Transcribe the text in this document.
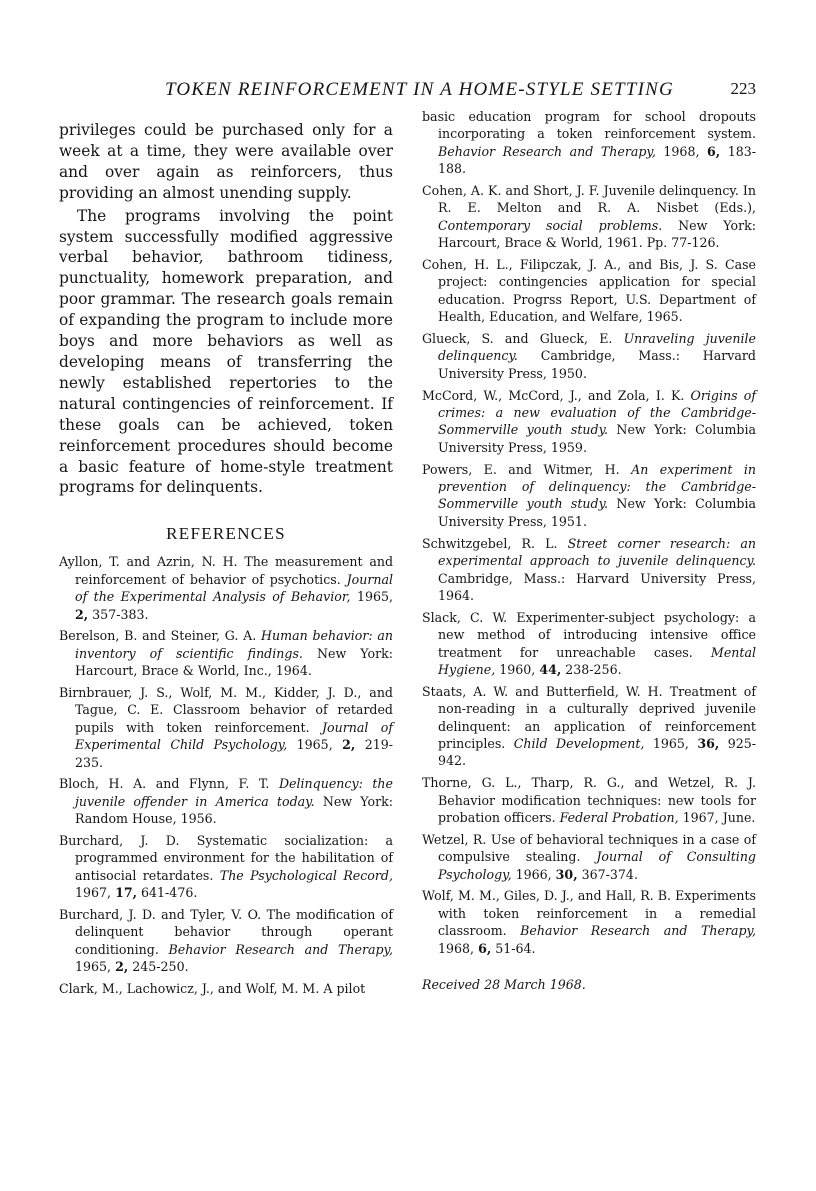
TOKEN REINFORCEMENT IN A HOME-STYLE SETTING	223

privileges could be purchased only for a week at a time, they were available over and over again as reinforcers, thus providing an almost unending supply.

The programs involving the point system successfully modified aggressive verbal behavior, bathroom tidiness, punctuality, homework preparation, and poor grammar. The research goals remain of expanding the program to include more boys and more behaviors as well as developing means of transferring the newly established repertories to the natural contingencies of reinforcement. If these goals can be achieved, token reinforcement procedures should become a basic feature of home-style treatment programs for delinquents.

REFERENCES

Ayllon, T. and Azrin, N. H. The measurement and reinforcement of behavior of psychotics. Journal of the Experimental Analysis of Behavior, 1965, 2, 357-383.

Berelson, B. and Steiner, G. A. Human behavior: an inventory of scientific findings. New York: Harcourt, Brace & World, Inc., 1964.

Birnbrauer, J. S., Wolf, M. M., Kidder, J. D., and Tague, C. E. Classroom behavior of retarded pupils with token reinforcement. Journal of Experimental Child Psychology, 1965, 2, 219-235.

Bloch, H. A. and Flynn, F. T. Delinquency: the juvenile offender in America today. New York: Random House, 1956.

Burchard, J. D. Systematic socialization: a programmed environment for the habilitation of antisocial retardates. The Psychological Record, 1967, 17, 641-476.

Burchard, J. D. and Tyler, V. O. The modification of delinquent behavior through operant conditioning. Behavior Research and Therapy, 1965, 2, 245-250.

Clark, M., Lachowicz, J., and Wolf, M. M. A pilot

basic education program for school dropouts incorporating a token reinforcement system. Behavior Research and Therapy, 1968, 6, 183-188.

Cohen, A. K. and Short, J. F. Juvenile delinquency. In R. E. Melton and R. A. Nisbet (Eds.), Contemporary social problems. New York: Harcourt, Brace & World, 1961. Pp. 77-126.

Cohen, H. L., Filipczak, J. A., and Bis, J. S. Case project: contingencies application for special education. Progrss Report, U.S. Department of Health, Education, and Welfare, 1965.

Glueck, S. and Glueck, E. Unraveling juvenile delinquency. Cambridge, Mass.: Harvard University Press, 1950.

McCord, W., McCord, J., and Zola, I. K. Origins of crimes: a new evaluation of the Cambridge-Sommerville youth study. New York: Columbia University Press, 1959.

Powers, E. and Witmer, H. An experiment in prevention of delinquency: the Cambridge-Sommerville youth study. New York: Columbia University Press, 1951.

Schwitzgebel, R. L. Street corner research: an experimental approach to juvenile delinquency. Cambridge, Mass.: Harvard University Press, 1964.

Slack, C. W. Experimenter-subject psychology: a new method of introducing intensive office treatment for unreachable cases. Mental Hygiene, 1960, 44, 238-256.

Staats, A. W. and Butterfield, W. H. Treatment of non-reading in a culturally deprived juvenile delinquent: an application of reinforcement principles. Child Development, 1965, 36, 925-942.

Thorne, G. L., Tharp, R. G., and Wetzel, R. J. Behavior modification techniques: new tools for probation officers. Federal Probation, 1967, June.

Wetzel, R. Use of behavioral techniques in a case of compulsive stealing. Journal of Consulting Psychology, 1966, 30, 367-374.

Wolf, M. M., Giles, D. J., and Hall, R. B. Experiments with token reinforcement in a remedial classroom. Behavior Research and Therapy, 1968, 6, 51-64.

Received 28 March 1968.
